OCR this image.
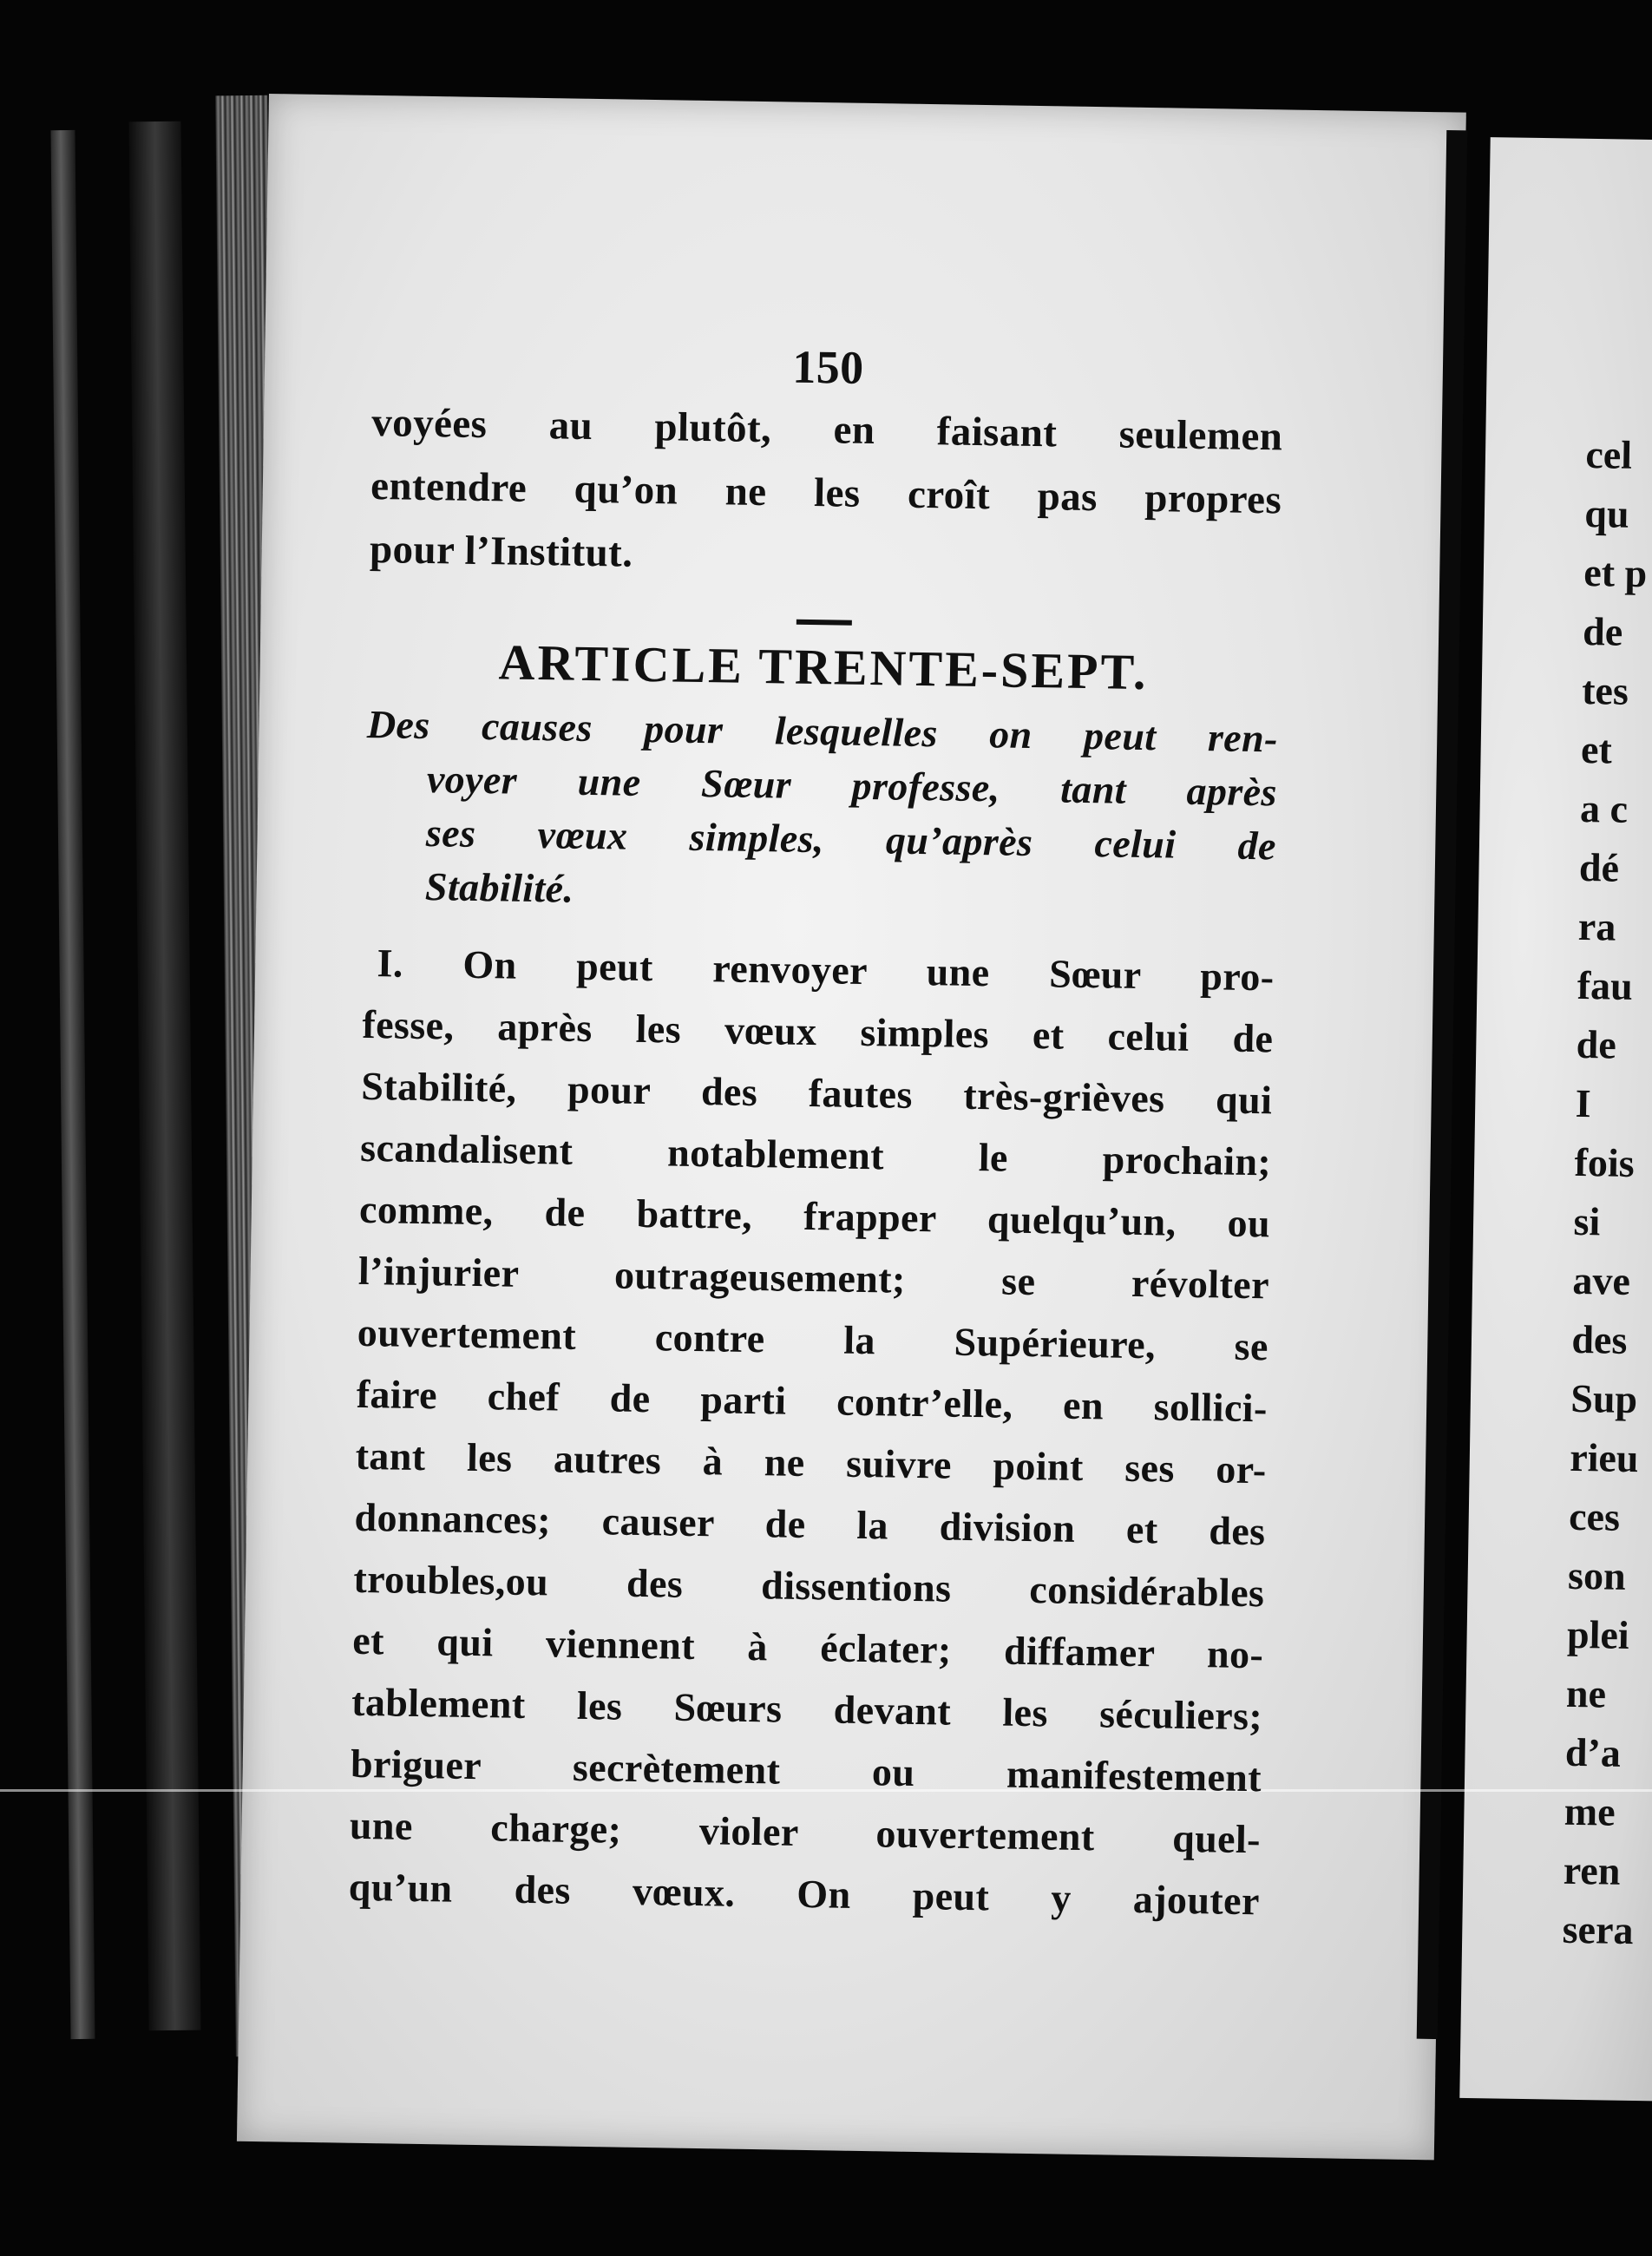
150
voyées au plutôt, en faisant seulemen
entendre qu’on ne les croît pas propres
pour l’Institut.
ARTICLE TRENTE-SEPT.
Des causes pour lesquelles on peut ren-
voyer une Sœur professe, tant après
ses vœux simples, qu’après celui de
Stabilité.
I. On peut renvoyer une Sœur pro-
fesse, après les vœux simples et celui de
Stabilité, pour des fautes très-grièves qui
scandalisent notablement le prochain;
comme, de battre, frapper quelqu’un, ou
l’injurier outrageusement; se révolter
ouvertement contre la Supérieure, se
faire chef de parti contr’elle, en sollici-
tant les autres à ne suivre point ses or-
donnances; causer de la division et des
troubles,ou des dissentions considérables
et qui viennent à éclater; diffamer no-
tablement les Sœurs devant les séculiers;
briguer secrètement ou manifestement
une charge; violer ouvertement quel-
qu’un des vœux. On peut y ajouter
cel
qu
et p
de
tes
et
a c
dé
ra
fau
de
I
fois
si
ave
des
Sup
rieu
ces
son
plei
ne
d’a
me
ren
sera
